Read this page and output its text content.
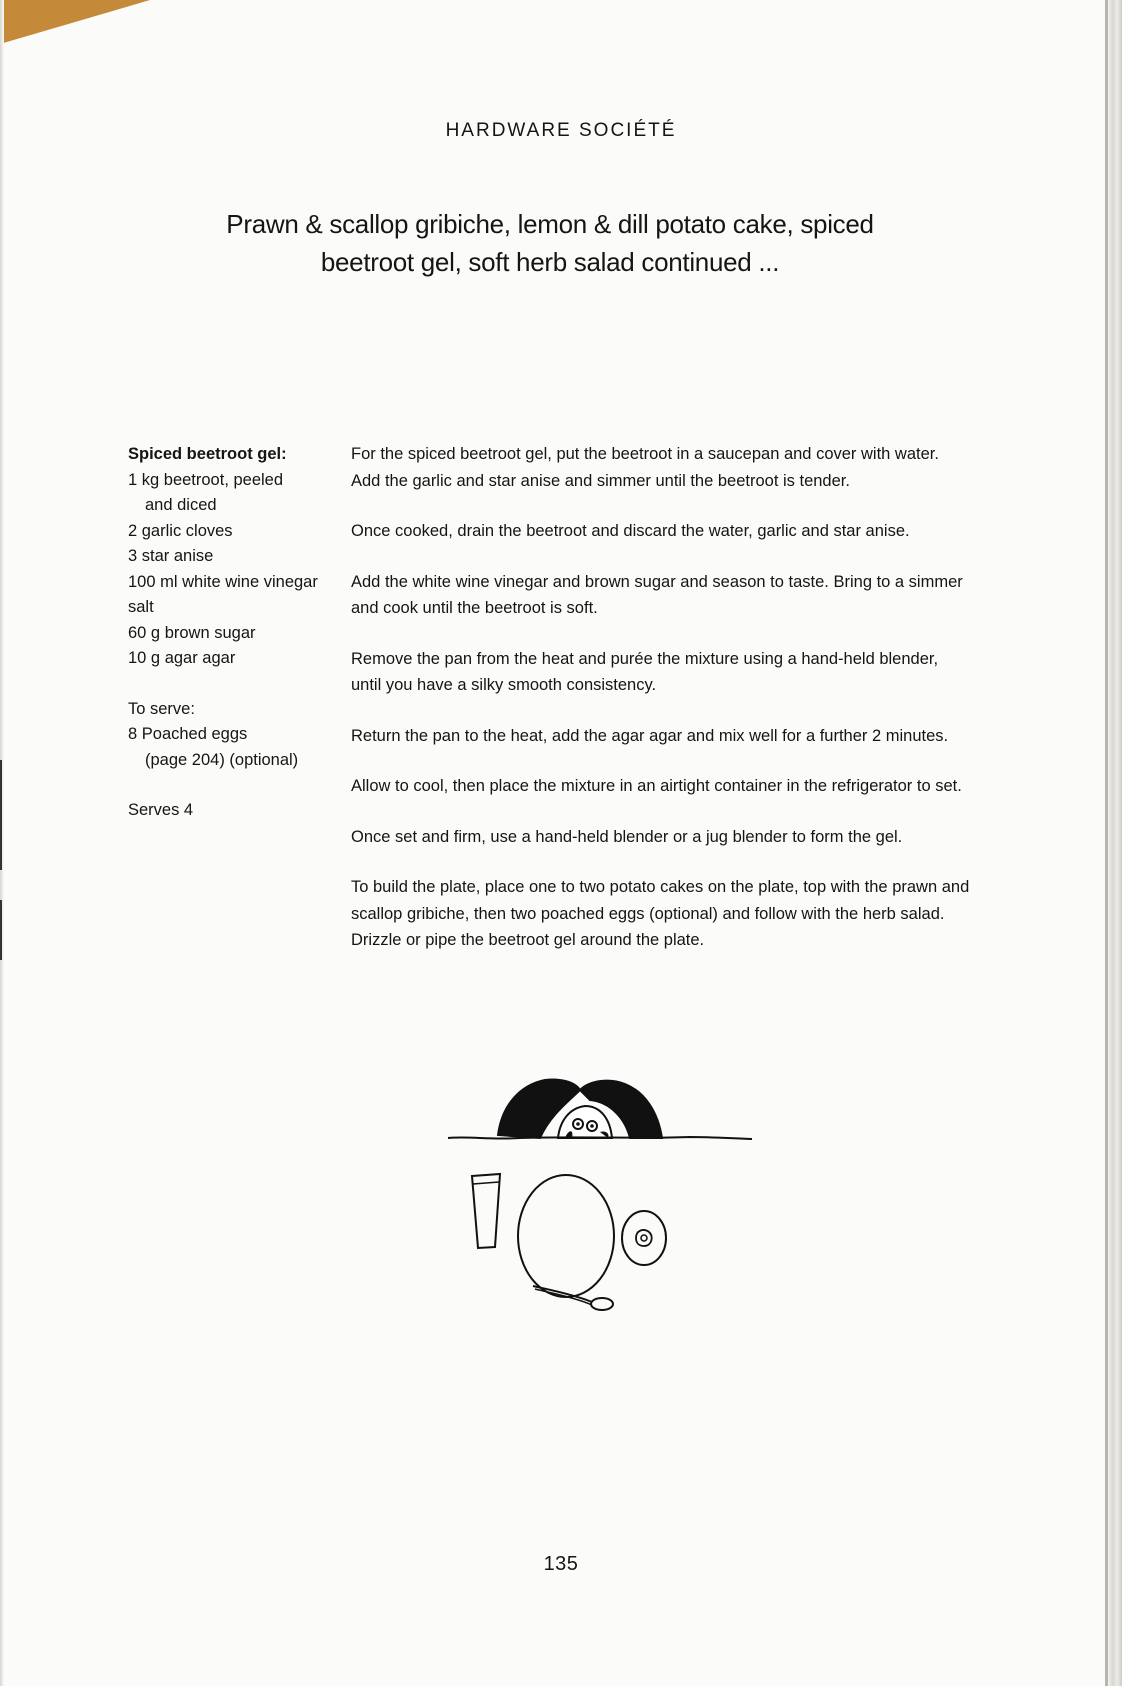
HARDWARE SOCIÉTÉ
Prawn & scallop gribiche, lemon & dill potato cake, spiced
beetroot gel, soft herb salad continued ...
Spiced beetroot gel:
1 kg beetroot, peeled
and diced
2 garlic cloves
3 star anise
100 ml white wine vinegar
salt
60 g brown sugar
10 g agar agar
To serve:
8 Poached eggs
(page 204) (optional)
Serves 4

For the spiced beetroot gel, put the beetroot in a saucepan and cover with water. Add the garlic and star anise and simmer until the beetroot is tender.

Once cooked, drain the beetroot and discard the water, garlic and star anise.

Add the white wine vinegar and brown sugar and season to taste. Bring to a simmer and cook until the beetroot is soft.

Remove the pan from the heat and purée the mixture using a hand-held blender, until you have a silky smooth consistency.

Return the pan to the heat, add the agar agar and mix well for a further 2 minutes.

Allow to cool, then place the mixture in an airtight container in the refrigerator to set.

Once set and firm, use a hand-held blender or a jug blender to form the gel.

To build the plate, place one to two potato cakes on the plate, top with the prawn and scallop gribiche, then two poached eggs (optional) and follow with the herb salad. Drizzle or pipe the beetroot gel around the plate.

135
